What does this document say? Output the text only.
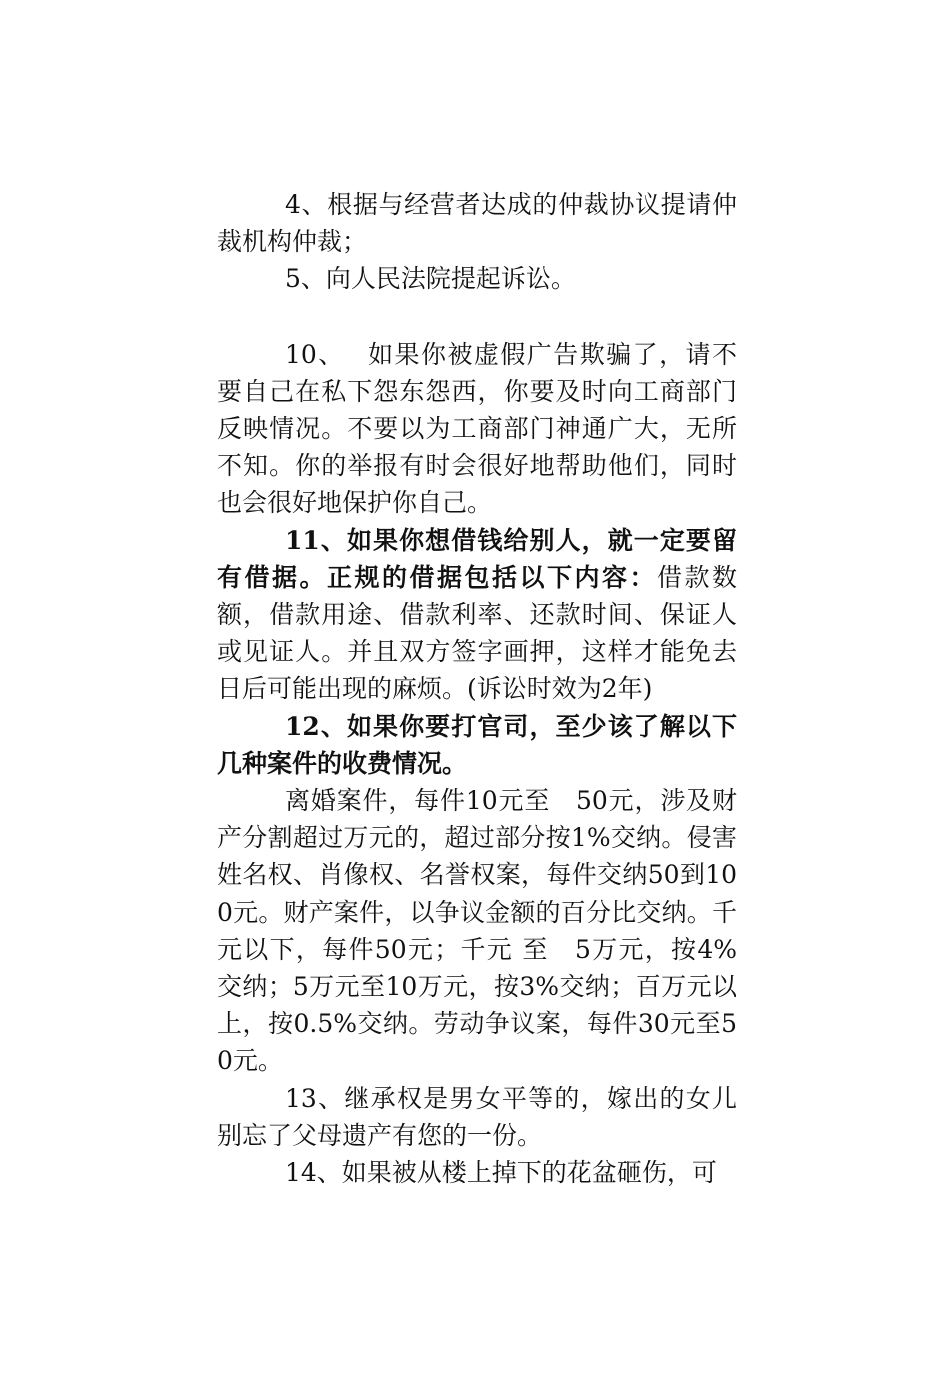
4、根据与经营者达成的仲裁协议提请仲裁机构仲裁；

5、向人民法院提起诉讼。

10、　 如果你被虚假广告欺骗了，请不要自己在私下怨东怨西，你要及时向工商部门反映情况。不要以为工商部门神通广大，无所不知。你的举报有时会很好地帮助他们，同时也会很好地保护你自己。

11、如果你想借钱给别人，就一定要留有借据。正规的借据包括以下内容：借款数额，借款用途、借款利率、还款时间、保证人或见证人。并且双方签字画押，这样才能免去日后可能出现的麻烦。(诉讼时效为2年)

12、如果你要打官司，至少该了解以下几种案件的收费情况。

离婚案件，每件10元至　50元，涉及财产分割超过万元的，超过部分按1%交纳。侵害姓名权、肖像权、名誉权案，每件交纳50到100元。财产案件，以争议金额的百分比交纳。千元以下，每件50元；千元 至　5万元，按4%交纳；5万元至10万元，按3%交纳；百万元以上，按0.5%交纳。劳动争议案，每件30元至50元。

13、继承权是男女平等的，嫁出的女儿别忘了父母遗产有您的一份。

14、如果被从楼上掉下的花盆砸伤，可
